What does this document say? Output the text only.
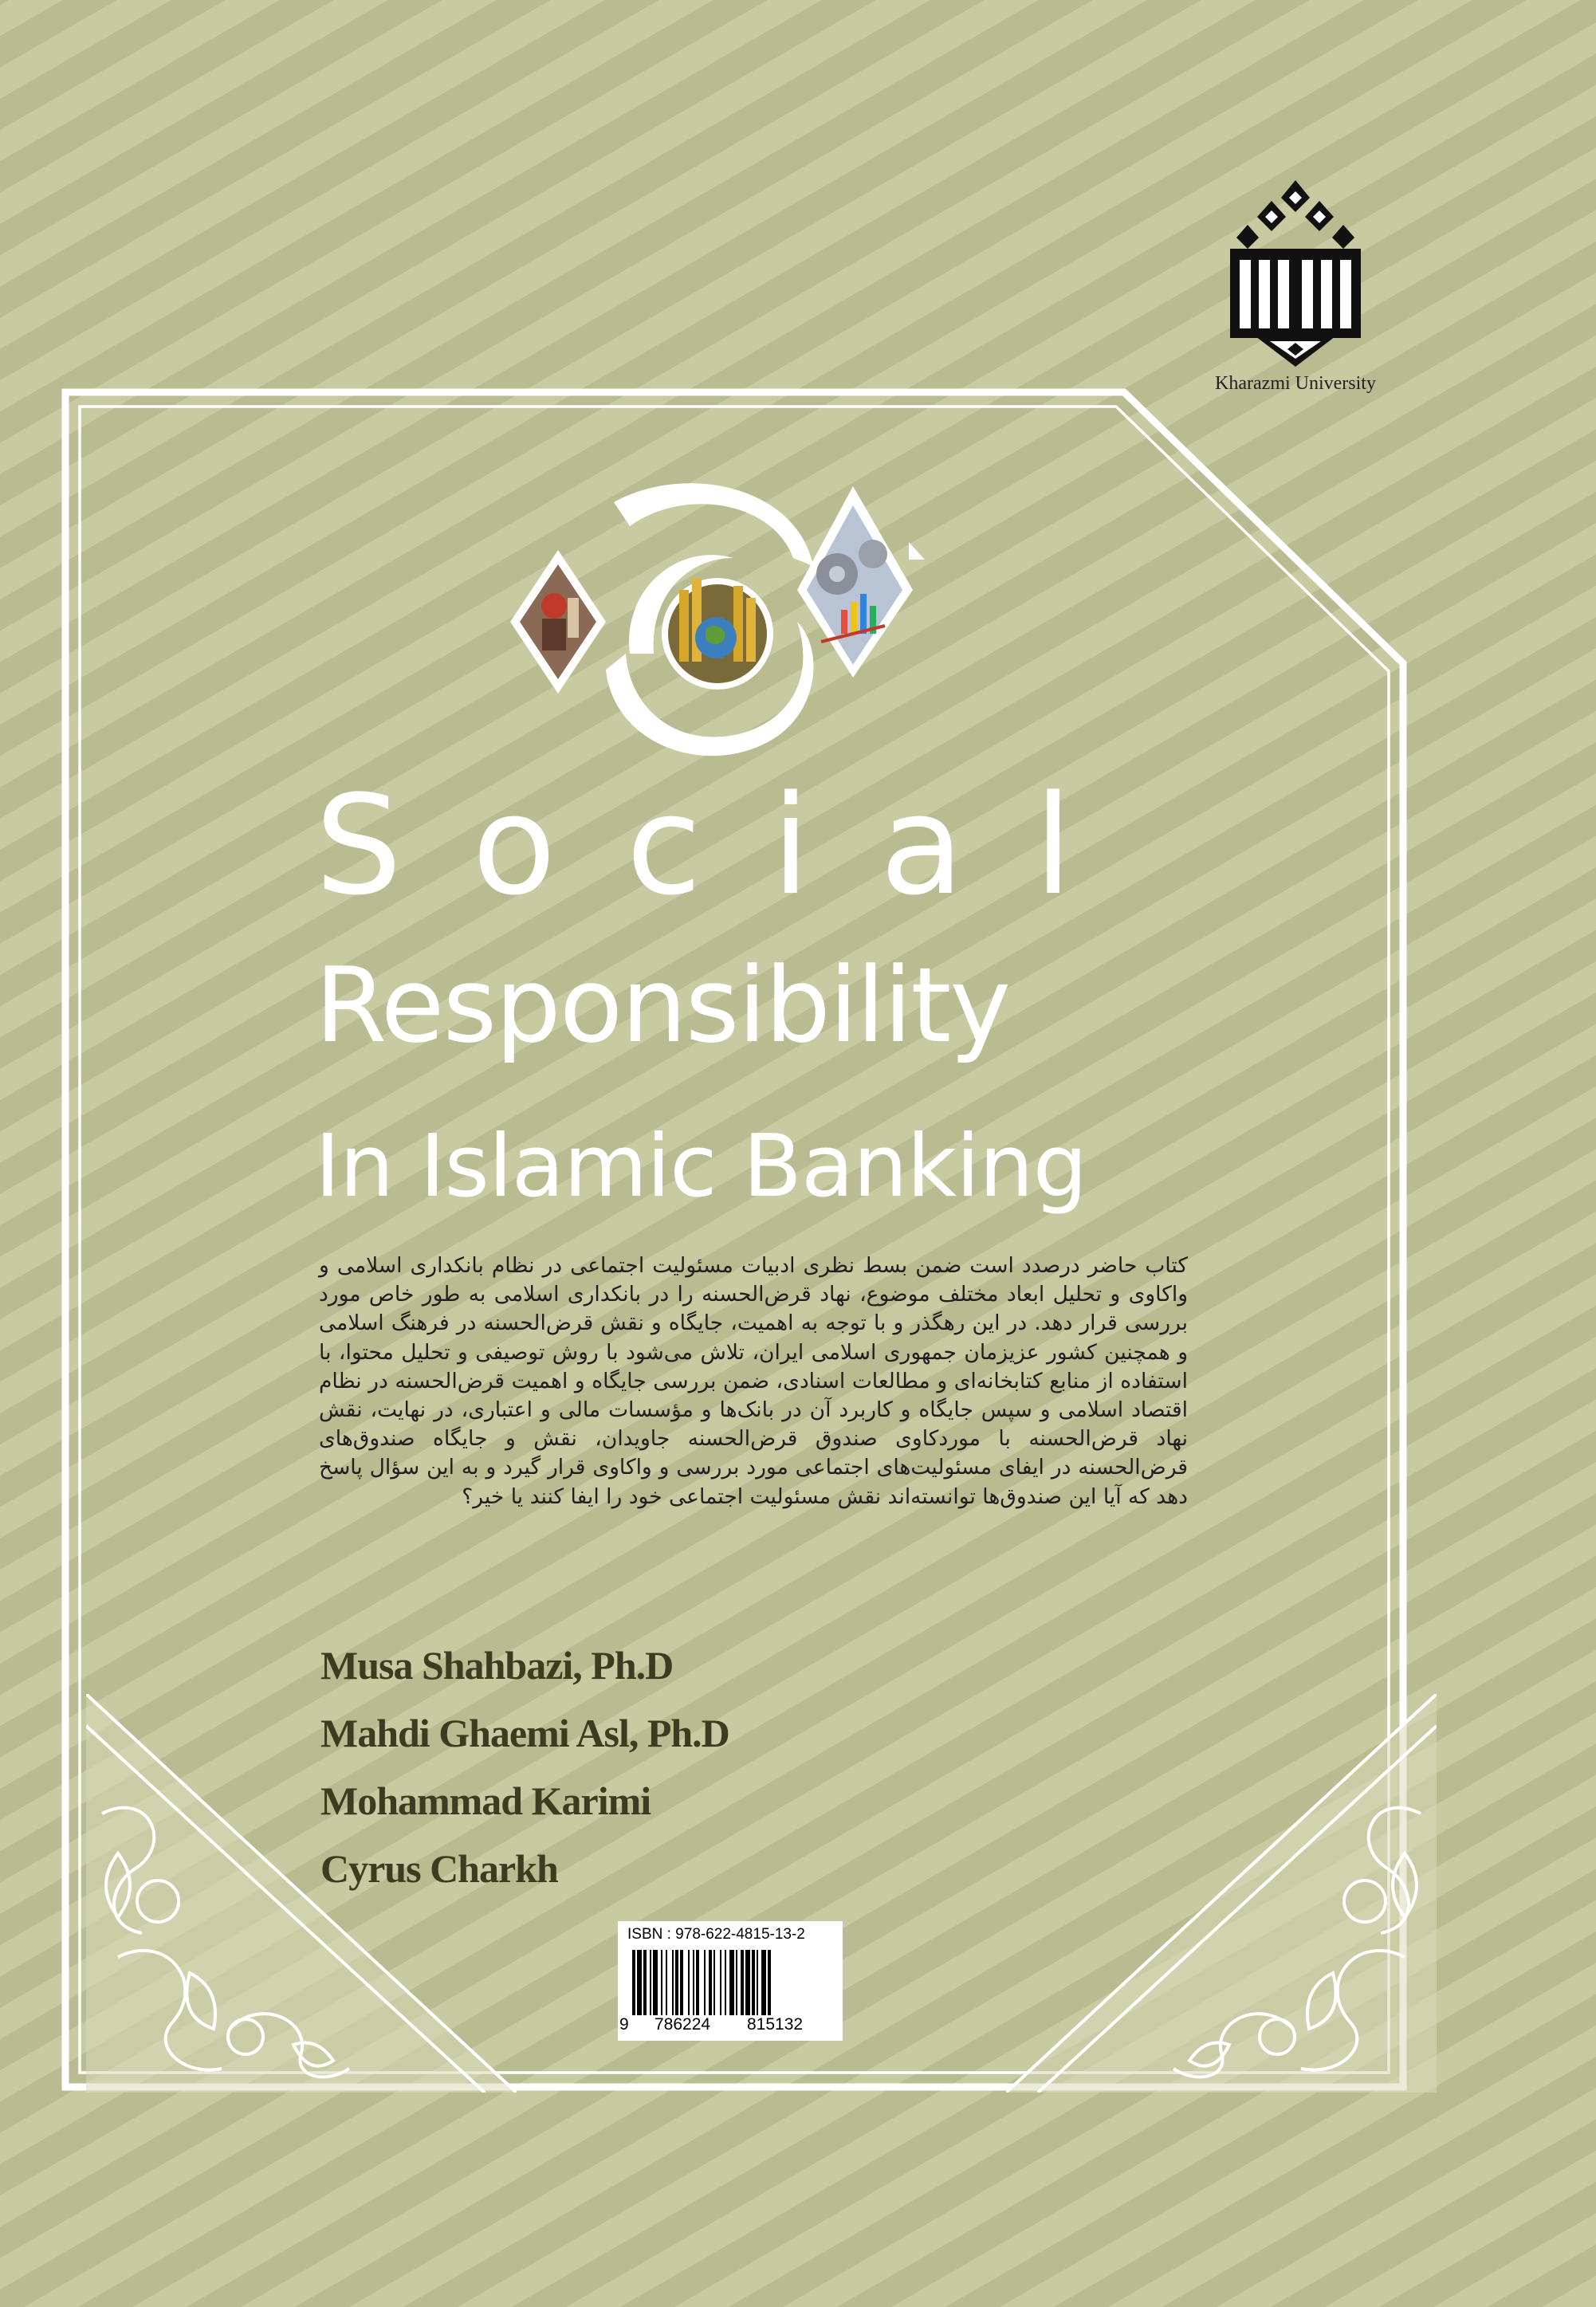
Kharazmi University
Social
Responsibility
In Islamic Banking

کتاب حاضر درصدد است ضمن بسط نظری ادبیات مسئولیت اجتماعی در نظام بانکداری اسلامی و واکاوی و تحلیل ابعاد مختلف موضوع، نهاد قرض‌الحسنه را در بانکداری اسلامی به طور خاص مورد بررسی قرار دهد. در این رهگذر و با توجه به اهمیت، جایگاه و نقش قرض‌الحسنه در فرهنگ اسلامی و همچنین کشور عزیزمان جمهوری اسلامی ایران، تلاش می‌شود با روش توصیفی و تحلیل محتوا، با استفاده از منابع کتابخانه‌ای و مطالعات اسنادی، ضمن بررسی جایگاه و اهمیت قرض‌الحسنه در نظام اقتصاد اسلامی و سپس جایگاه و کاربرد آن در بانک‌ها و مؤسسات مالی و اعتباری، در نهایت، نقش نهاد قرض‌الحسنه با موردکاوی صندوق قرض‌الحسنه جاویدان، نقش و جایگاه صندوق‌های قرض‌الحسنه در ایفای مسئولیت‌های اجتماعی مورد بررسی و واکاوی قرار گیرد و به این سؤال پاسخ دهد که آیا این صندوق‌ها توانسته‌اند نقش مسئولیت اجتماعی خود را ایفا کنند یا خیر؟

Musa Shahbazi, Ph.D
Mahdi Ghaemi Asl, Ph.D
Mohammad Karimi
Cyrus Charkh
ISBN : 978-622-4815-13-2
9 786224 815132
